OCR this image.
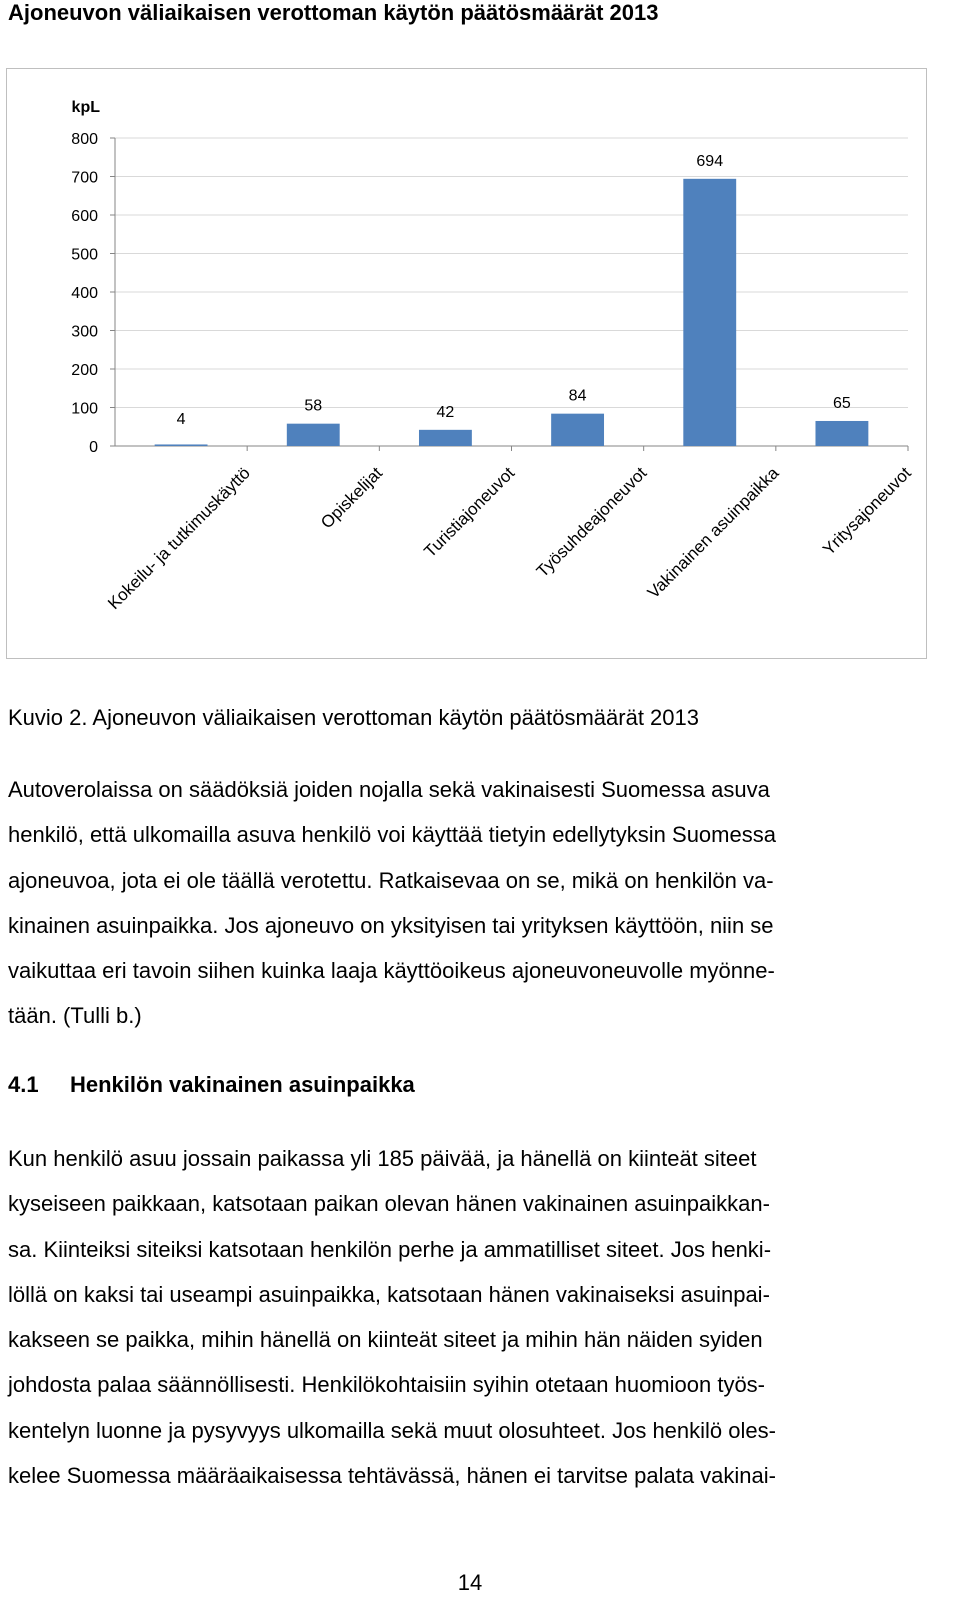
Ajoneuvon väliaikaisen verottoman käytön päätösmäärät 2013
kpL
0
100
200
300
400
500
600
700
800
4
Kokeilu- ja tutkimuskäyttö
58
Opiskelijat
42
Turistiajoneuvot
84
Työsuhdeajoneuvot
694
Vakinainen asuinpaikka
65
Yritysajoneuvot
Kuvio 2. Ajoneuvon väliaikaisen verottoman käytön päätösmäärät 2013

Autoverolaissa on säädöksiä joiden nojalla sekä vakinaisesti Suomessa asuva
henkilö, että ulkomailla asuva henkilö voi käyttää tietyin edellytyksin Suomessa
ajoneuvoa, jota ei ole täällä verotettu. Ratkaisevaa on se, mikä on henkilön va-
kinainen asuinpaikka. Jos ajoneuvo on yksityisen tai yrityksen käyttöön, niin se
vaikuttaa eri tavoin siihen kuinka laaja käyttöoikeus ajoneuvoneuvolle myönne-
tään. (Tulli b.)

4.1 Henkilön vakinainen asuinpaikka

Kun henkilö asuu jossain paikassa yli 185 päivää, ja hänellä on kiinteät siteet
kyseiseen paikkaan, katsotaan paikan olevan hänen vakinainen asuinpaikkan-
sa. Kiinteiksi siteiksi katsotaan henkilön perhe ja ammatilliset siteet. Jos henki-
löllä on kaksi tai useampi asuinpaikka, katsotaan hänen vakinaiseksi asuinpai-
kakseen se paikka, mihin hänellä on kiinteät siteet ja mihin hän näiden syiden
johdosta palaa säännöllisesti. Henkilökohtaisiin syihin otetaan huomioon työs-
kentelyn luonne ja pysyvyys ulkomailla sekä muut olosuhteet. Jos henkilö oles-
kelee Suomessa määräaikaisessa tehtävässä, hänen ei tarvitse palata vakinai-

14
